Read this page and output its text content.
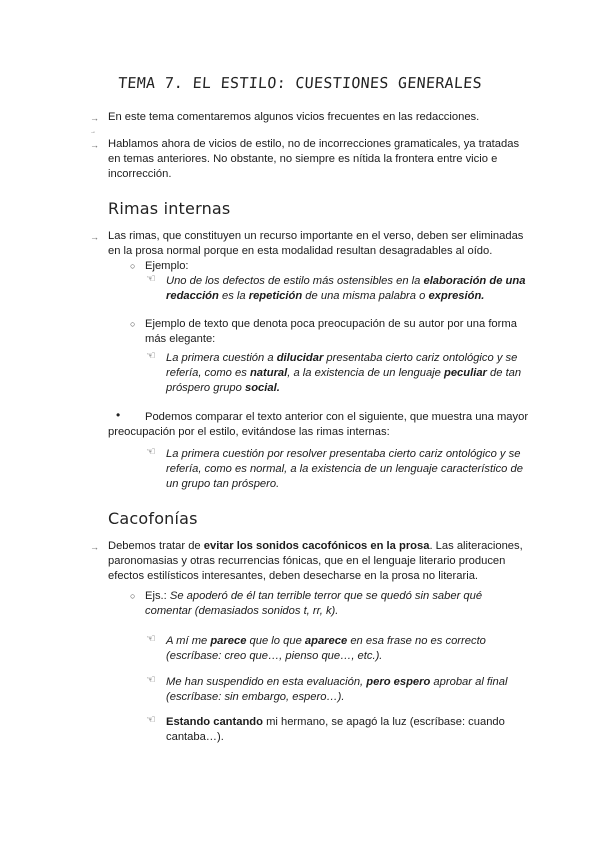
TEMA 7. EL ESTILO: CUESTIONES GENERALES
→ En este tema comentaremos algunos vicios frecuentes en las redacciones.
→
→ Hablamos ahora de vicios de estilo, no de incorrecciones gramaticales, ya tratadas
en temas anteriores. No obstante, no siempre es nítida la frontera entre vicio e
incorrección.
Rimas internas
→ Las rimas, que constituyen un recurso importante en el verso, deben ser eliminadas
en la prosa normal porque en esta modalidad resultan desagradables al oído.
○ Ejemplo:
☜ Uno de los defectos de estilo más ostensibles en la elaboración de una
redacción es la repetición de una misma palabra o expresión.
○ Ejemplo de texto que denota poca preocupación de su autor por una forma
más elegante:
☜ La primera cuestión a dilucidar presentaba cierto cariz ontológico y se
refería, como es natural, a la existencia de un lenguaje peculiar de tan
próspero grupo social.
• Podemos comparar el texto anterior con el siguiente, que muestra una mayor
preocupación por el estilo, evitándose las rimas internas:
☜ La primera cuestión por resolver presentaba cierto cariz ontológico y se
refería, como es normal, a la existencia de un lenguaje característico de
un grupo tan próspero.
Cacofonías
→ Debemos tratar de evitar los sonidos cacofónicos en la prosa. Las aliteraciones,
paronomasias y otras recurrencias fónicas, que en el lenguaje literario producen
efectos estilísticos interesantes, deben desecharse en la prosa no literaria.
○ Ejs.: Se apoderó de él tan terrible terror que se quedó sin saber qué
comentar (demasiados sonidos t, rr, k).
☜ A mí me parece que lo que aparece en esa frase no es correcto
(escríbase: creo que…, pienso que…, etc.).
☜ Me han suspendido en esta evaluación, pero espero aprobar al final
(escríbase: sin embargo, espero…).
☜ Estando cantando mi hermano, se apagó la luz (escríbase: cuando
cantaba…).
